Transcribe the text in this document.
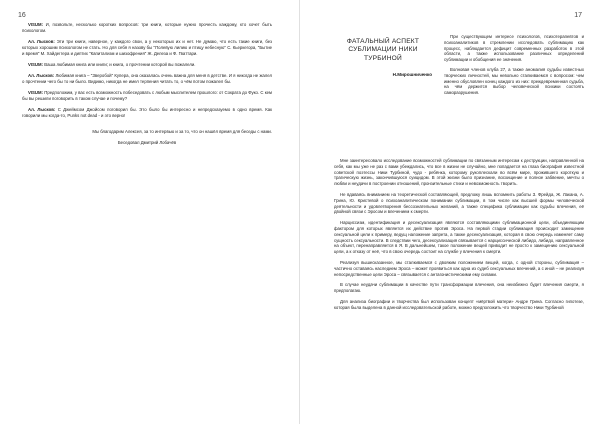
16

VISUM: И, позвольте, несколько коротких вопросов: три книги, которые нужно прочесть каждому, кто хочет быть психологом.

Ал. Лысков: Эти три книги, наверное, у каждого свои, а у некоторых их и нет. Не думаю, что есть такие книги, без которых хорошим психологом не стать. Но для себя я назову бы "Полевую лилию и птицу небесную" С. Кьеркегора, "Бытие и время" М. Хайдеггера и диптих "Капитализм и шизофрения" Ж. Делеза и Ф. Гваттари.

VISUM: Ваша любимая книга или книги; и книга, о прочтении которой вы пожалели.

Ал. Лысков: Любимая книга – "Зверобой" Купера, она оказалась очень важна для меня в детстве. И я никогда не жалел о прочтении чего бы то ни было. Видимо, никогда не имел терпения читать то, о чём потом пожалел бы.

VISUM: Предположим, у вас есть возможность побеседовать с любым мыслителем прошлого: от Сократа до Фуко. С кем бы вы решили поговорить в таком случае и почему?

Ал. Лысков: С Джеймсом Джойсом поговорил бы. Это было бы интересно и непредсказуемо в одно время. Как говорили мы когда-то, Punks not dead - и это верно!

Мы благодарим Алексея, за то интервью и за то, что он нашёл время для беседы с нами.

Беседовал Дмитрий Лобачёв

17
ФАТАЛЬНЫЙ АСПЕКТ СУБЛИМАЦИИ НИКИ ТУРБИНОЙ
Н.Мирошниченко

При существующем интересе психологов, психотерапевтов и психоаналитиков в стремлении исследовать сублимацию как процесс, наблюдается дефицит современных разработок в этой области, а также использование различных определений сублимации и обобщения ее значения.

Волновая членов клуба 27, а также аномалия судьбы известных творческих личностей, мы невольно сталкиваемся с вопросом: чем именно обусловлен конец каждого из них: преждевременная судьба, на чём держится выбор человеческой психики состоять саморазрушения.

Мне заинтересовало исследование возможностей сублимации по связанным интересам к деструкции, направленной на себя, как мы уже не раз с вами убеждались, что все в жизни не случайно, мне попадается на глаза биография известной советской поэтессы Ники Турбиной, чудо - ребёнка, которому рукоплескали во всём мире, прожившего короткую и трагическую жизнь, закончившуюся суицидом. В этой жизни было признание, восхищение и полное забвение, мечты о любви и неудачи в построении отношений, пронзительные стихи и невозможность творить.

Не вдаваясь вниманием на теоретической составляющей, предложу лишь вспомнить работы З. Фрейда, Ж. Лакана, А. Грина, Ю. Кристевой о психоаналитическом понимании сублимации, в том числе как высшей формы человеческой деятельности и удовлетворения бессознательных желаний, а также специфика сублимации как судьбы влечения, её двойной связи с Эросом и влечением к смерти.

Нарциссизм, идентификация и десексуализация являются составляющими сублимационной цели, объединяющим фактором для которых является их действие против Эроса. На первой стадии сублимация происходит замещение сексуальной цели к примеру, ведущ наложение запрета, а также десексуализация, которая в свою очередь изменяет саму сущность сексуальности. В следствии чего, десексуализация связывается с нарциссической либидо, либидо, направленное на объект, перенаправляется в Я. В дальнейшем, такое положение вещей приводит не просто к замещению сексуальной цели, а к отказу от неё, что в свою очередь состоит на службе у влечения к смерти.

Реализуя вышесказанное, мы сталкиваемся с двояким положением вещей, когда, с одной стороны, сублимация – частично оставаясь наследием Эроса – может проявиться как одна из судеб сексуальных влечений, а с иной – не реализуя непосредственные цели Эроса – связывается с антагонистическими ему силами.

В случае неудачи сублимации в качестве пути трансформации влечения, она неизбежно будет влечения смерти, я предполагаю.

Для анализа биографии и творчества был использован концепт «мёртвой матери» Андре Грина. Согласно гипотезе, которая была выделена в данной исследовательской работе, можно предположить что творчество Ники Турбиной
